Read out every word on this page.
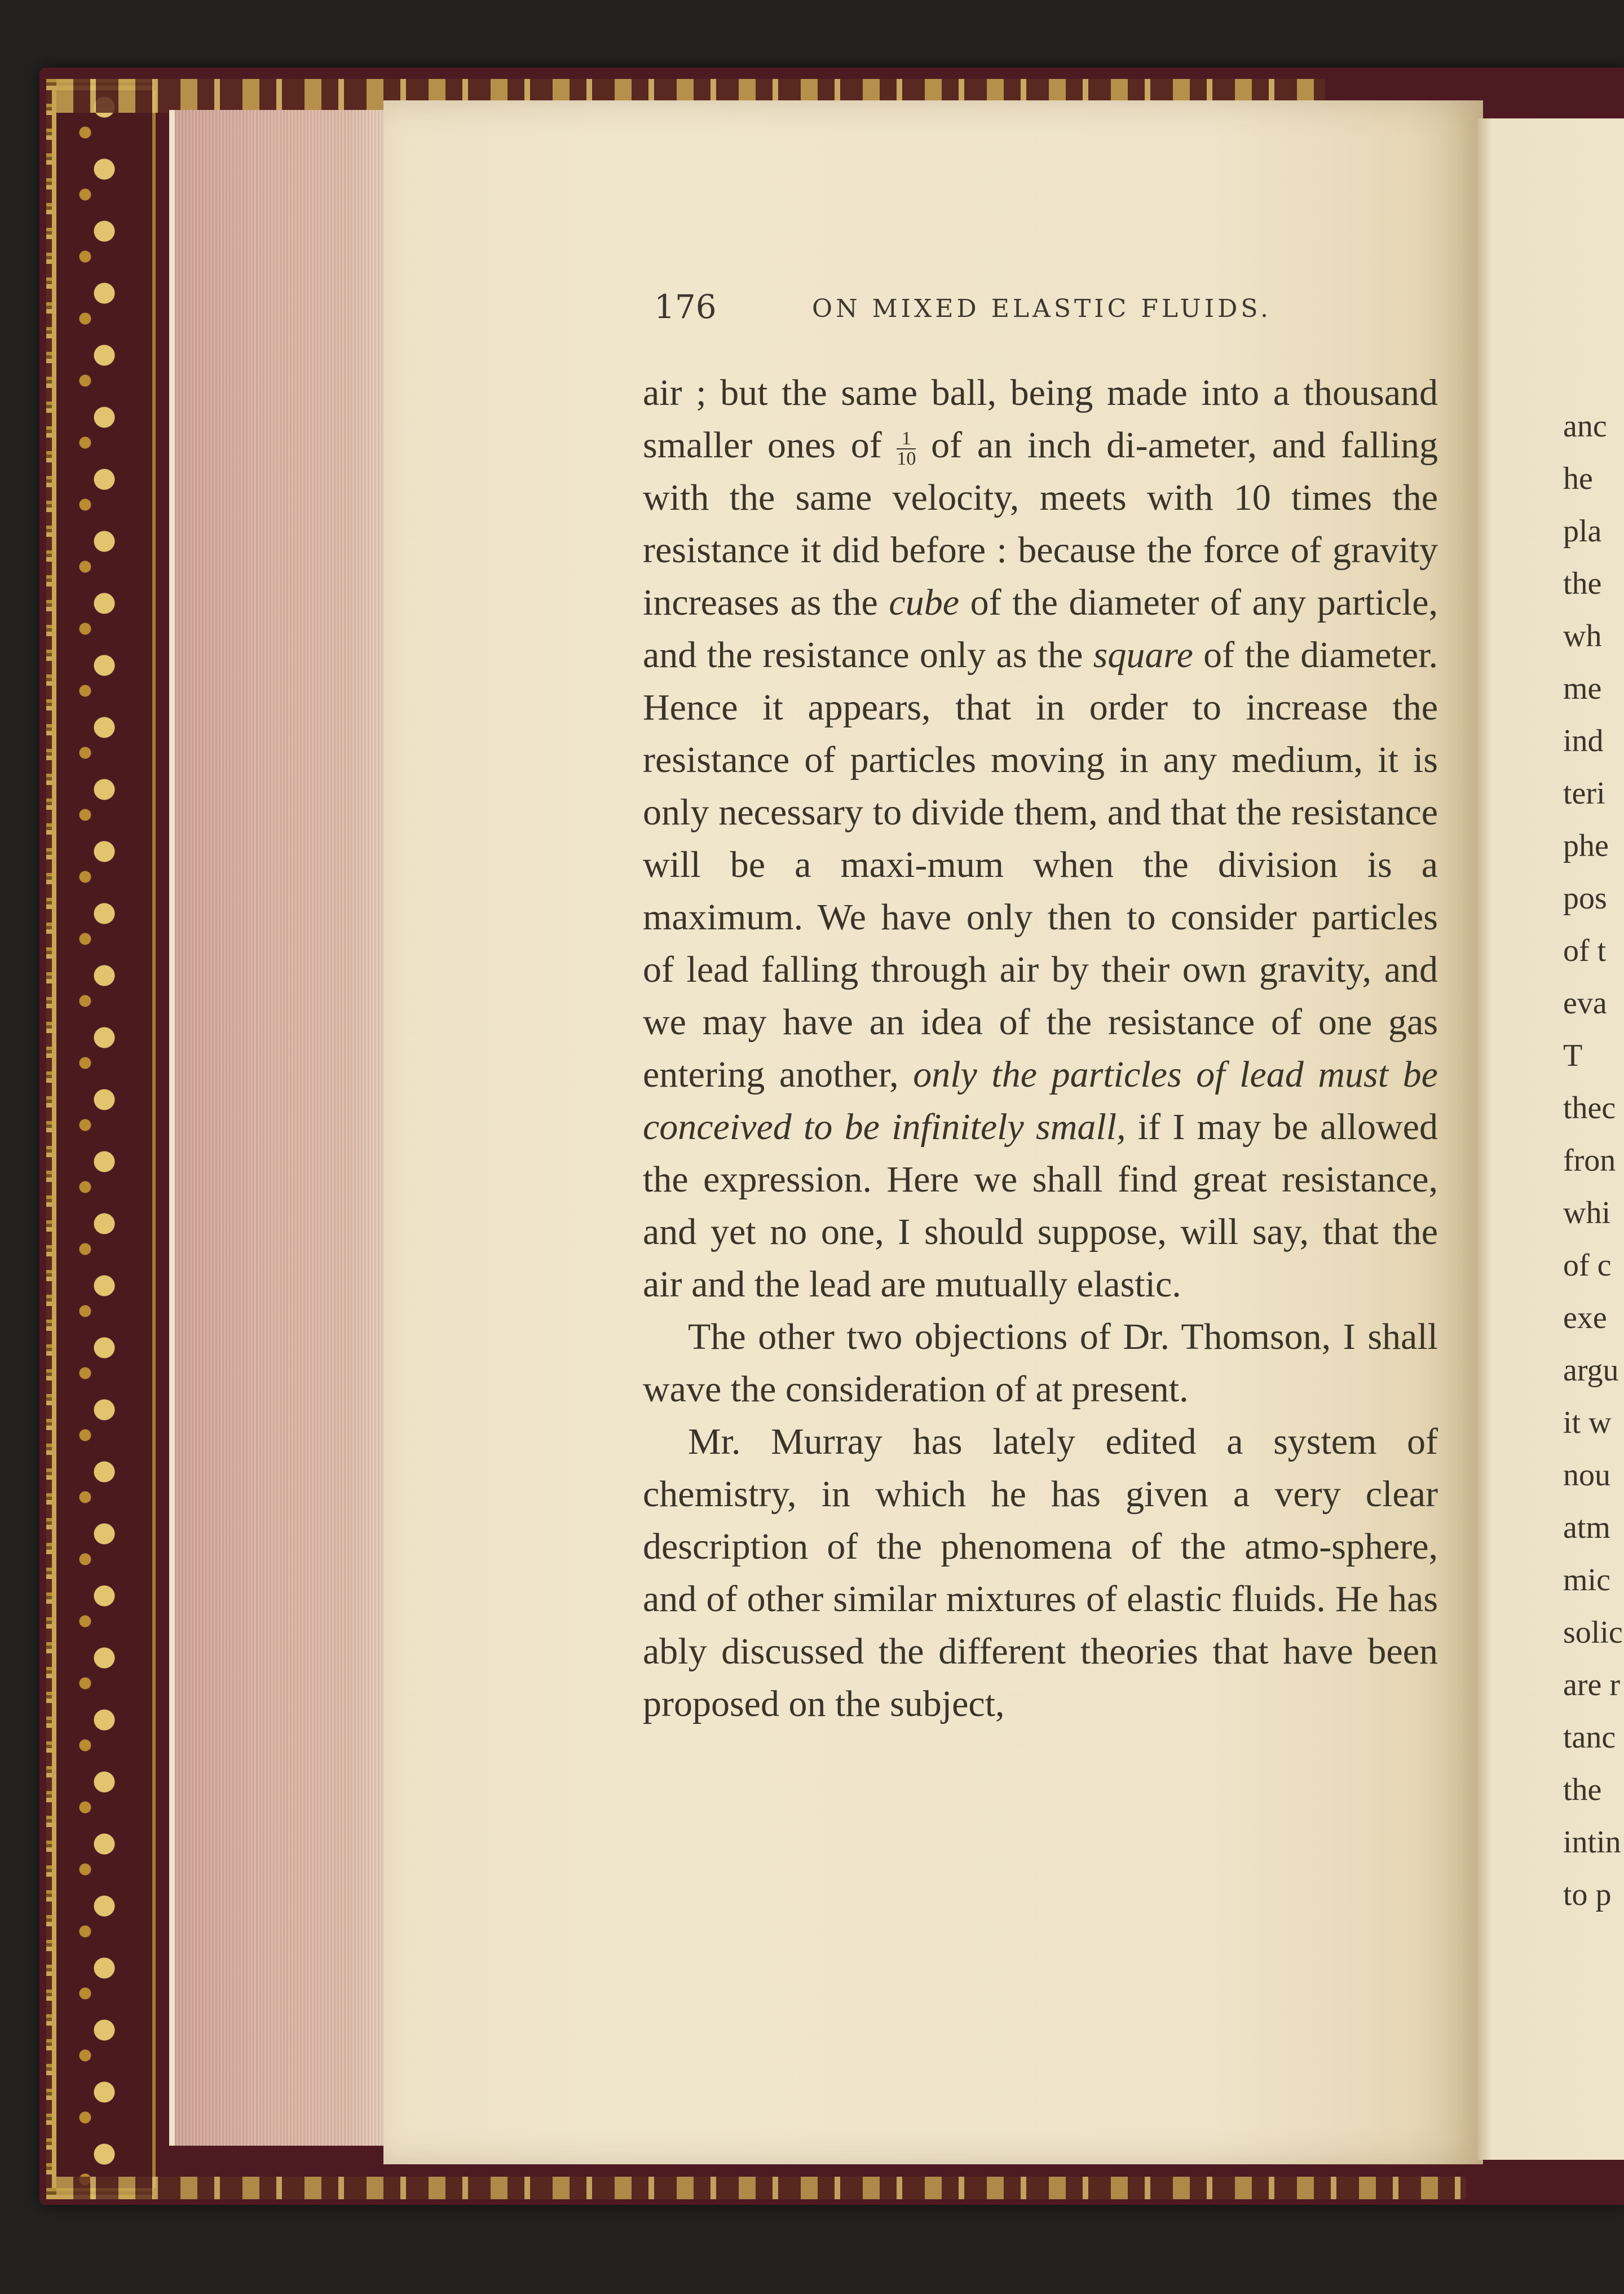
176	ON MIXED ELASTIC FLUIDS.

air ; but the same ball, being made into a thousand smaller ones of $\frac{1}{10}$ of an inch di-ameter, and falling with the same velocity, meets with 10 times the resistance it did before : because the force of gravity increases as the cube of the diameter of any particle, and the resistance only as the square of the diameter. Hence it appears, that in order to increase the resistance of particles moving in any medium, it is only necessary to divide them, and that the resistance will be a maxi-mum when the division is a maximum. We have only then to consider particles of lead falling through air by their own gravity, and we may have an idea of the resistance of one gas entering another, only the particles of lead must be conceived to be infinitely small, if I may be allowed the expression. Here we shall find great resistance, and yet no one, I should suppose, will say, that the air and the lead are mutually elastic.

The other two objections of Dr. Thomson, I shall wave the consideration of at present.

Mr. Murray has lately edited a system of chemistry, in which he has given a very clear description of the phenomena of the atmo-sphere, and of other similar mixtures of elastic fluids. He has ably discussed the different theories that have been proposed on the subject,

anc
he
pla
the
wh
me
ind
teri
phe
pos
of t
eva
T
thec
fron
whi
of c
exe
argu
it w
nou
atm
mic
solic
are r
tanc
the
intin
to p
